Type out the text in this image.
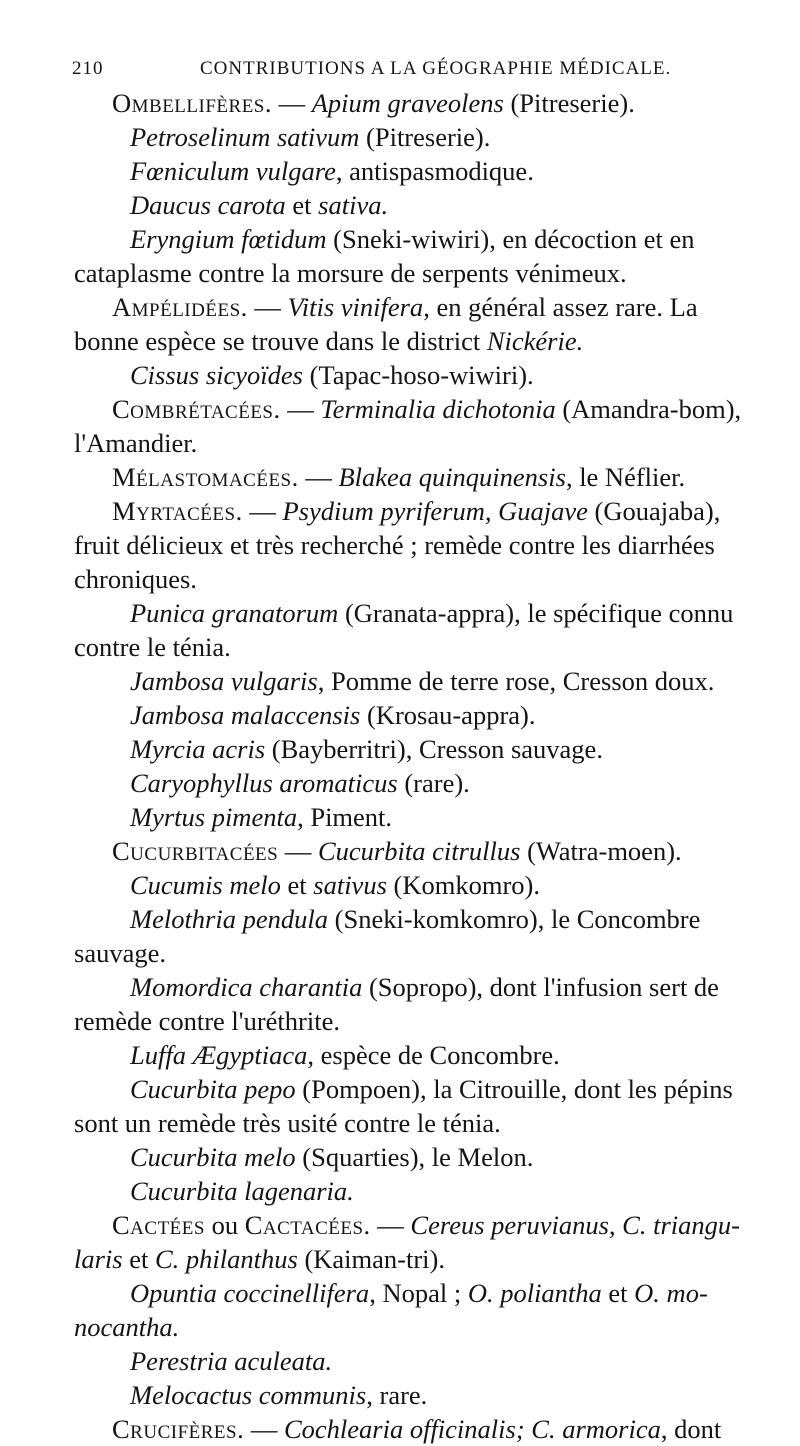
210	CONTRIBUTIONS A LA GÉOGRAPHIE MÉDICALE.
Ombellifères. — Apium graveolens (Pitreserie).
Petroselinum sativum (Pitreserie).
Fœniculum vulgare, antispasmodique.
Daucus carota et sativa.
Eryngium fœtidum (Sneki-wiwiri), en décoction et en
cataplasme contre la morsure de serpents vénimeux.
Ampélidées. — Vitis vinifera, en général assez rare. La
bonne espèce se trouve dans le district Nickérie.
Cissus sicyoïdes (Tapac-hoso-wiwiri).
Combrétacées. — Terminalia dichotonia (Amandra-bom),
l'Amandier.
Mélastomacées. — Blakea quinquinensis, le Néflier.
Myrtacées. — Psydium pyriferum, Guajave (Gouajaba),
fruit délicieux et très recherché ; remède contre les diarrhées
chroniques.
Punica granatorum (Granata-appra), le spécifique connu
contre le ténia.
Jambosa vulgaris, Pomme de terre rose, Cresson doux.
Jambosa malaccensis (Krosau-appra).
Myrcia acris (Bayberritri), Cresson sauvage.
Caryophyllus aromaticus (rare).
Myrtus pimenta, Piment.
Cucurbitacées — Cucurbita citrullus (Watra-moen).
Cucumis melo et sativus (Komkomro).
Melothria pendula (Sneki-komkomro), le Concombre
sauvage.
Momordica charantia (Sopropo), dont l'infusion sert de
remède contre l'uréthrite.
Luffa Ægyptiaca, espèce de Concombre.
Cucurbita pepo (Pompoen), la Citrouille, dont les pépins
sont un remède très usité contre le ténia.
Cucurbita melo (Squarties), le Melon.
Cucurbita lagenaria.
Cactées ou Cactacées. — Cereus peruvianus, C. triangu-
laris et C. philanthus (Kaiman-tri).
Opuntia coccinellifera, Nopal ; O. poliantha et O. mo-
nocantha.
Perestria aculeata.
Melocactus communis, rare.
Crucifères. — Cochlearia officinalis; C. armorica, dont
